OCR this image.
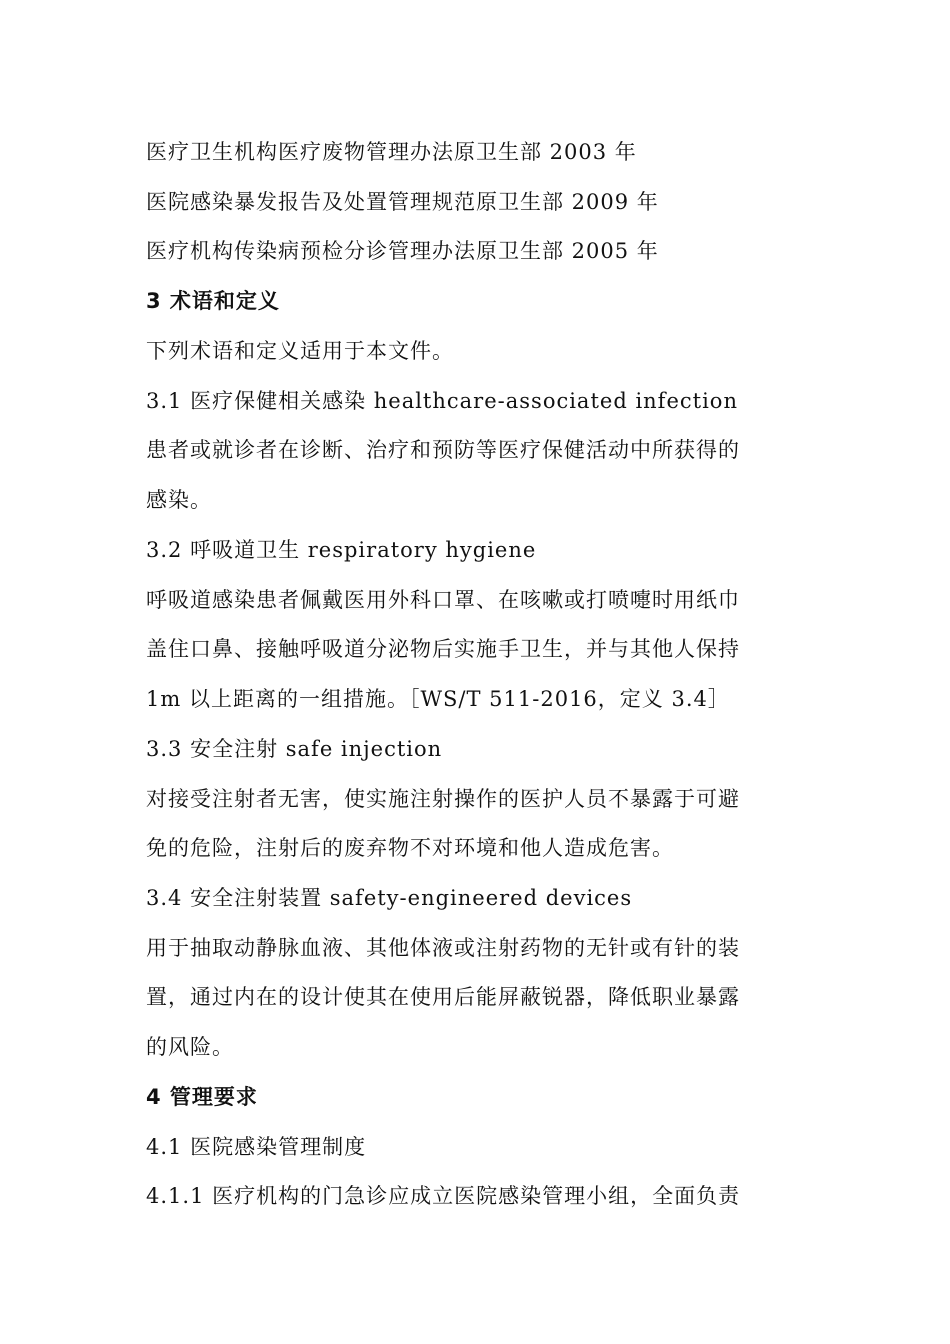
医疗卫生机构医疗废物管理办法原卫生部 2003 年
医院感染暴发报告及处置管理规范原卫生部 2009 年
医疗机构传染病预检分诊管理办法原卫生部 2005 年
3 术语和定义
下列术语和定义适用于本文件。
3.1 医疗保健相关感染 healthcare-associated infection
患者或就诊者在诊断、治疗和预防等医疗保健活动中所获得的
感染。
3.2 呼吸道卫生 respiratory hygiene
呼吸道感染患者佩戴医用外科口罩、在咳嗽或打喷嚏时用纸巾
盖住口鼻、接触呼吸道分泌物后实施手卫生，并与其他人保持
1m 以上距离的一组措施。［WS/T 511-2016，定义 3.4］
3.3 安全注射 safe injection
对接受注射者无害，使实施注射操作的医护人员不暴露于可避
免的危险，注射后的废弃物不对环境和他人造成危害。
3.4 安全注射装置 safety-engineered devices
用于抽取动静脉血液、其他体液或注射药物的无针或有针的装
置，通过内在的设计使其在使用后能屏蔽锐器，降低职业暴露
的风险。
4 管理要求
4.1 医院感染管理制度
4.1.1 医疗机构的门急诊应成立医院感染管理小组，全面负责
